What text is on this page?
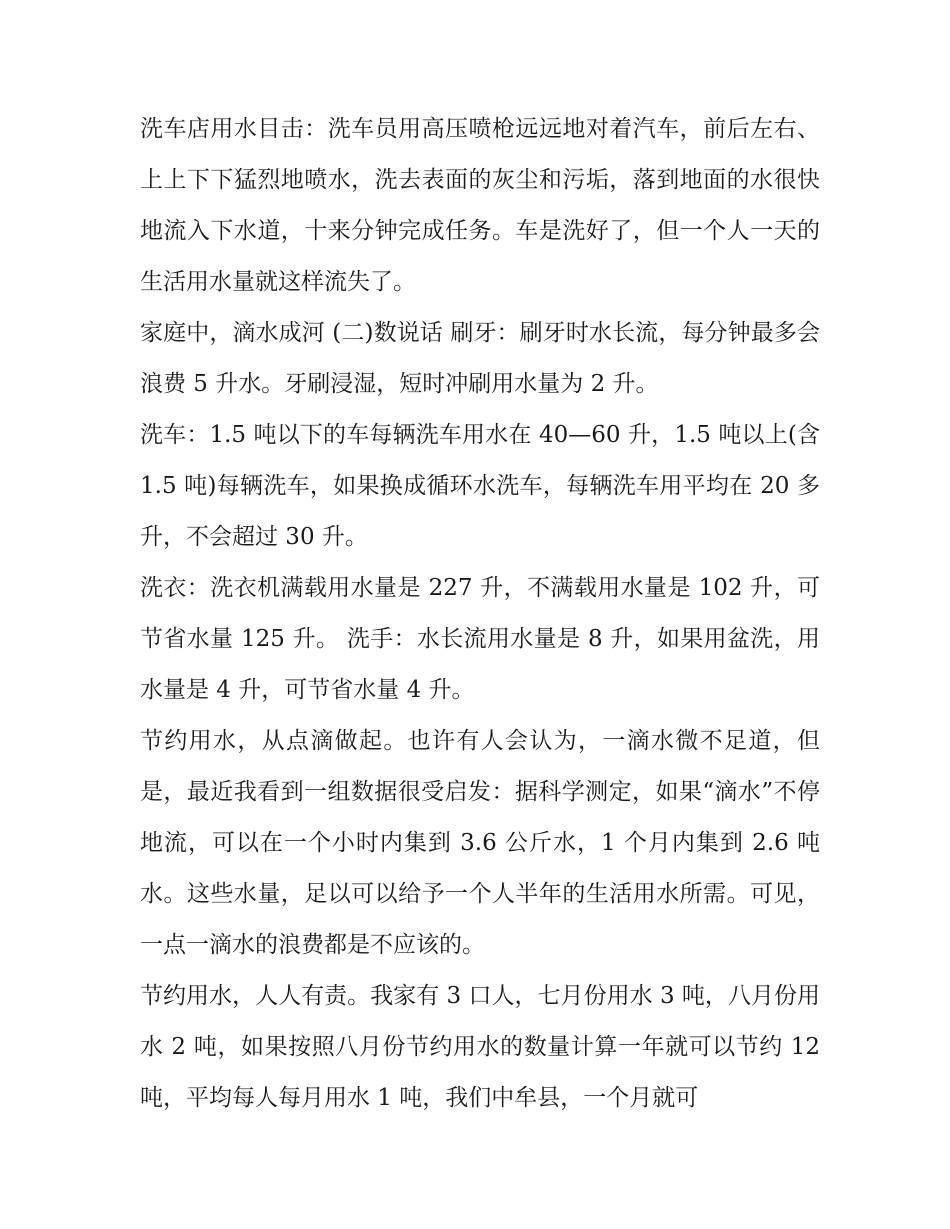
洗车店用水目击：洗车员用高压喷枪远远地对着汽车，前后左右、上上下下猛烈地喷水，洗去表面的灰尘和污垢，落到地面的水很快地流入下水道，十来分钟完成任务。车是洗好了，但一个人一天的生活用水量就这样流失了。

家庭中，滴水成河 (二)数说话 刷牙：刷牙时水长流，每分钟最多会浪费 5 升水。牙刷浸湿，短时冲刷用水量为 2 升。

洗车：1.5 吨以下的车每辆洗车用水在 40—60 升，1.5 吨以上(含 1.5 吨)每辆洗车，如果换成循环水洗车，每辆洗车用平均在 20 多升，不会超过 30 升。

洗衣：洗衣机满载用水量是 227 升，不满载用水量是 102 升，可节省水量 125 升。 洗手：水长流用水量是 8 升，如果用盆洗，用水量是 4 升，可节省水量 4 升。

节约用水，从点滴做起。也许有人会认为，一滴水微不足道，但是，最近我看到一组数据很受启发：据科学测定，如果“滴水”不停地流，可以在一个小时内集到 3.6 公斤水，1 个月内集到 2.6 吨水。这些水量，足以可以给予一个人半年的生活用水所需。可见，一点一滴水的浪费都是不应该的。

节约用水，人人有责。我家有 3 口人，七月份用水 3 吨，八月份用水 2 吨，如果按照八月份节约用水的数量计算一年就可以节约 12 吨，平均每人每月用水 1 吨，我们中牟县，一个月就可
